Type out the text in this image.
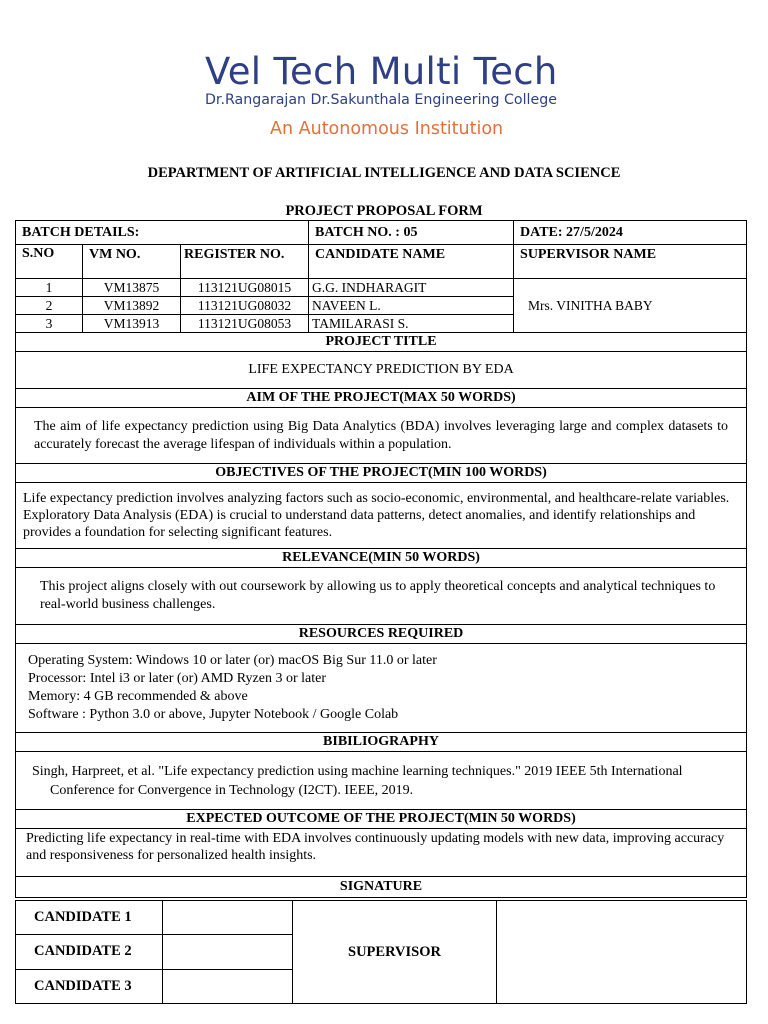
Vel Tech Multi Tech
Dr.Rangarajan Dr.Sakunthala Engineering College
An Autonomous Institution
DEPARTMENT OF ARTIFICIAL INTELLIGENCE AND DATA SCIENCE
PROJECT PROPOSAL FORM
BATCH DETAILS:			BATCH NO. : 05	DATE: 27/5/2024
S.NO	VM NO.	REGISTER NO.	CANDIDATE NAME	SUPERVISOR NAME
1	VM13875	113121UG08015	G.G. INDHARAGIT	Mrs. VINITHA BABY
2	VM13892	113121UG08032	NAVEEN L.	
3	VM13913	113121UG08053	TAMILARASI S.	
PROJECT TITLE				
LIFE EXPECTANCY PREDICTION BY EDA				
AIM OF THE PROJECT(MAX 50 WORDS)				
The aim of life expectancy prediction using Big Data Analytics (BDA) involves leveraging large and complex datasets to accurately forecast the average lifespan of individuals within a population.				
OBJECTIVES OF THE PROJECT(MIN 100 WORDS)				
Life expectancy prediction involves analyzing factors such as socio-economic, environmental, and healthcare-relate variables. Exploratory Data Analysis (EDA) is crucial to understand data patterns, detect anomalies, and identify relationships and provides a foundation for selecting significant features.				
RELEVANCE(MIN 50 WORDS)				
This project aligns closely with out coursework by allowing us to apply theoretical concepts and analytical techniques to real-world business challenges.				
RESOURCES REQUIRED				

Operating System: Windows 10 or later (or) macOS Big Sur 11.0 or later
Processor: Intel i3 or later (or) AMD Ryzen 3 or later
Memory: 4 GB recommended & above
Software : Python 3.0 or above, Jupyter Notebook / Google Colab				

BIBILIOGRAPHY				
Singh, Harpreet, et al. "Life expectancy prediction using machine learning techniques." 2019 IEEE 5th International Conference for Convergence in Technology (I2CT). IEEE, 2019.				
EXPECTED OUTCOME OF THE PROJECT(MIN 50 WORDS)				
Predicting life expectancy in real-time with EDA involves continuously updating models with new data, improving accuracy and responsiveness for personalized health insights.				
SIGNATURE				
CANDIDATE 1		SUPERVISOR	
CANDIDATE 2			
CANDIDATE 3			
